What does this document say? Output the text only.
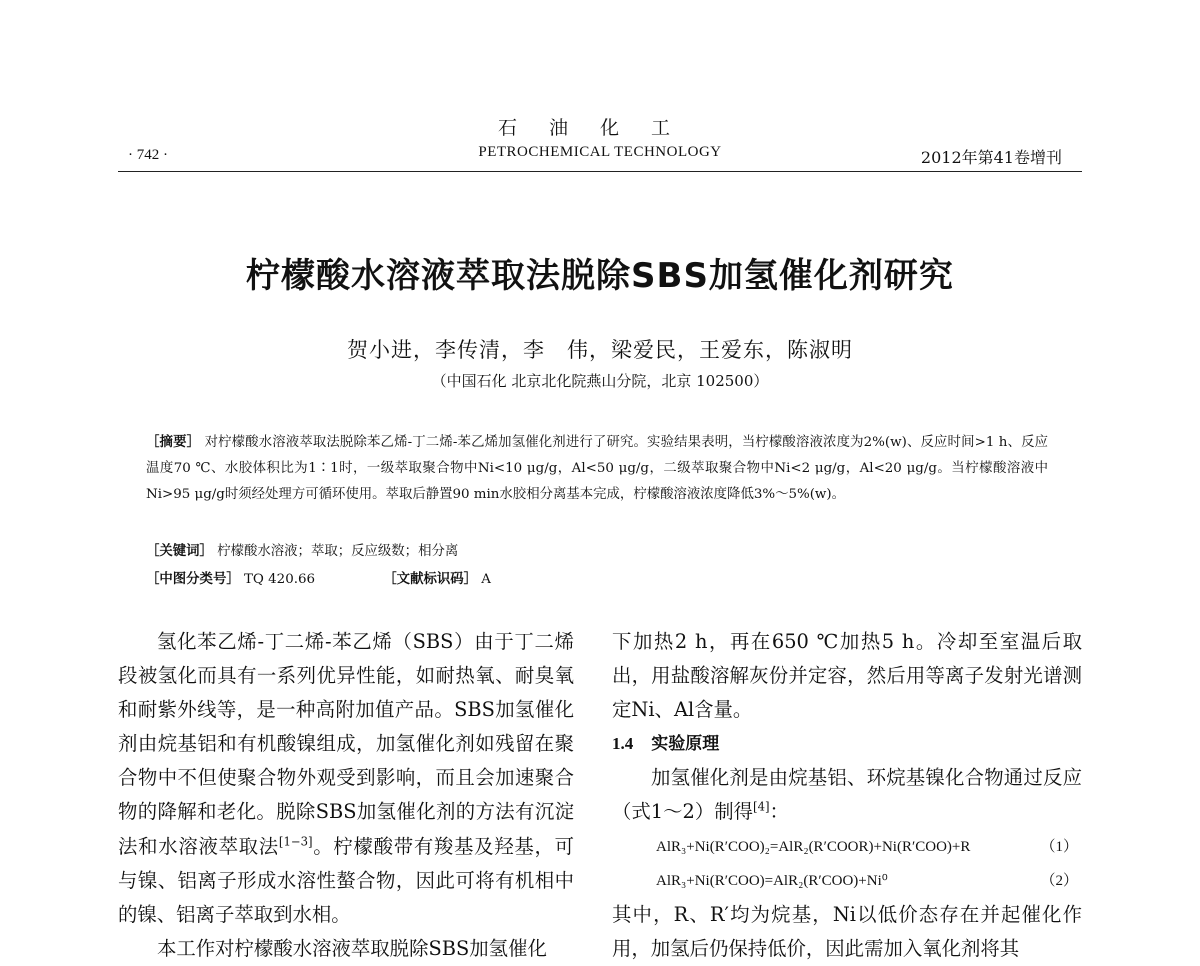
石油化工
· 742 ·	PETROCHEMICAL TECHNOLOGY	2012年第41卷增刊
柠檬酸水溶液萃取法脱除SBS加氢催化剂研究
贺小进，李传清，李　伟，梁爱民，王爱东，陈淑明
（中国石化 北京北化院燕山分院，北京 102500）
［摘要］ 对柠檬酸水溶液萃取法脱除苯乙烯-丁二烯-苯乙烯加氢催化剂进行了研究。实验结果表明，当柠檬酸溶液浓度为2%(w)、反应时间>1 h、反应温度70 ℃、水胶体积比为1∶1时，一级萃取聚合物中Ni<10 μg/g，Al<50 μg/g，二级萃取聚合物中Ni<2 μg/g，Al<20 μg/g。当柠檬酸溶液中Ni>95 μg/g时须经处理方可循环使用。萃取后静置90 min水胶相分离基本完成，柠檬酸溶液浓度降低3%～5%(w)。
［关键词］ 柠檬酸水溶液；萃取；反应级数；相分离
［中图分类号］ TQ 420.66	［文献标识码］ A

氢化苯乙烯-丁二烯-苯乙烯（SBS）由于丁二烯段被氢化而具有一系列优异性能，如耐热氧、耐臭氧和耐紫外线等，是一种高附加值产品。SBS加氢催化剂由烷基铝和有机酸镍组成，加氢催化剂如残留在聚合物中不但使聚合物外观受到影响，而且会加速聚合物的降解和老化。脱除SBS加氢催化剂的方法有沉淀法和水溶液萃取法[1−3]。柠檬酸带有羧基及羟基，可与镍、铝离子形成水溶性螯合物，因此可将有机相中的镍、铝离子萃取到水相。

本工作对柠檬酸水溶液萃取脱除SBS加氢催化

下加热2 h，再在650 ℃加热5 h。冷却至室温后取出，用盐酸溶解灰份并定容，然后用等离子发射光谱测定Ni、Al含量。

1.4 实验原理

加氢催化剂是由烷基铝、环烷基镍化合物通过反应（式1～2）制得[4]：

AlR₃+Ni(R′COO)₂=AlR₂(R′COOR)+Ni(R′COO)+R	（1）
AlR₃+Ni(R′COO)=AlR₂(R′COO)+Ni⁰	（2）

其中，R、R′均为烷基，Ni以低价态存在并起催化作用，加氢后仍保持低价，因此需加入氧化剂将其
